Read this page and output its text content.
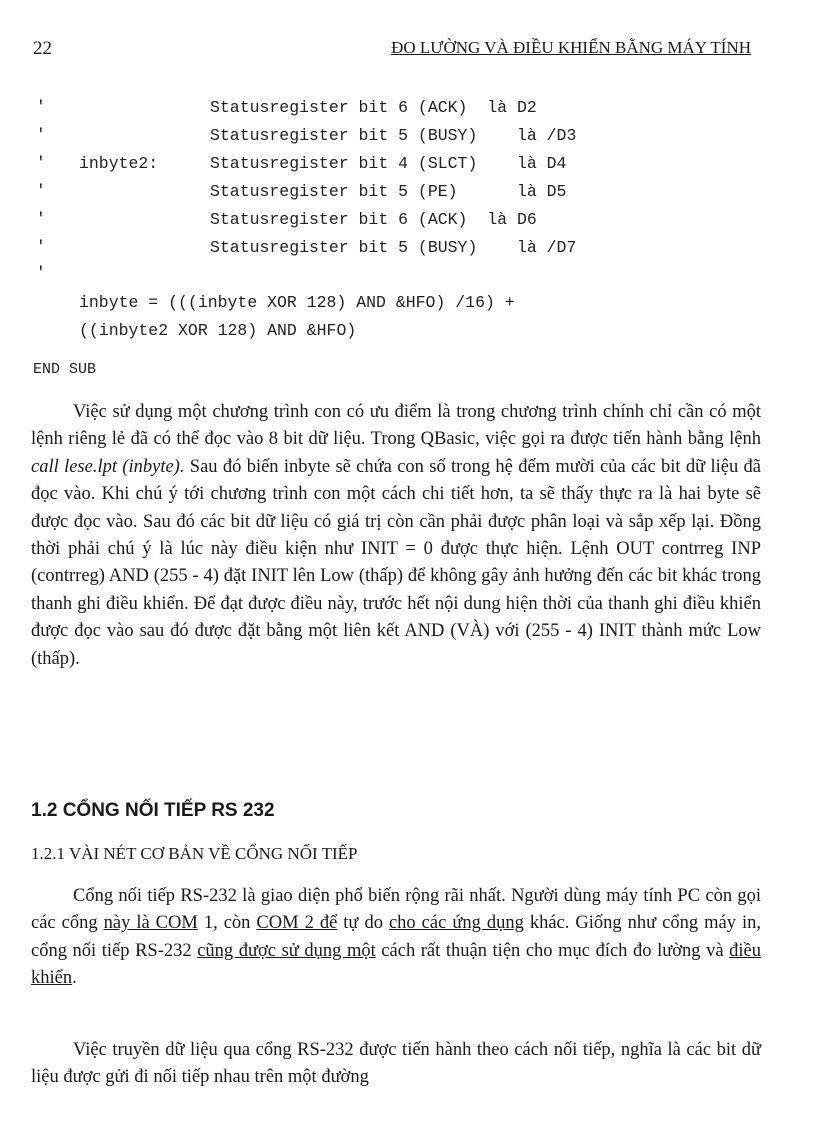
22	ĐO LƯỜNG VÀ ĐIỀU KHIỂN BẰNG MÁY TÍNH
'	Statusregister bit 6 (ACK)  là D2
'	Statusregister bit 5 (BUSY)    là /D3
' inbyte2:	Statusregister bit 4 (SLCT)    là D4
'	Statusregister bit 5 (PE)      là D5
'	Statusregister bit 6 (ACK)  là D6
'	Statusregister bit 5 (BUSY)    là /D7
'
inbyte = (((inbyte XOR 128) AND &HFO) /16) +
((inbyte2 XOR 128) AND &HFO)
END SUB

Việc sử dụng một chương trình con có ưu điểm là trong chương trình chính chỉ cần có một lệnh riêng lẻ đã có thể đọc vào 8 bit dữ liệu. Trong QBasic, việc gọi ra được tiến hành bằng lệnh call lese.lpt (inbyte). Sau đó biến inbyte sẽ chứa con số trong hệ đếm mười của các bit dữ liệu đã đọc vào. Khi chú ý tới chương trình con một cách chi tiết hơn, ta sẽ thấy thực ra là hai byte sẽ được đọc vào. Sau đó các bit dữ liệu có giá trị còn cần phải được phân loại và sắp xếp lại. Đồng thời phải chú ý là lúc này điều kiện như INIT = 0 được thực hiện. Lệnh OUT contrreg INP (contrreg) AND (255 - 4) đặt INIT lên Low (thấp) để không gây ảnh hưởng đến các bit khác trong thanh ghi điều khiển. Để đạt được điều này, trước hết nội dung hiện thời của thanh ghi điều khiển được đọc vào sau đó được đặt bằng một liên kết AND (VÀ) với (255 - 4) INIT thành mức Low (thấp).

1.2 CỔNG NỐI TIẾP RS 232
1.2.1 VÀI NÉT CƠ BẢN VỀ CỔNG NỐI TIẾP

Cổng nối tiếp RS-232 là giao diện phổ biến rộng rãi nhất. Người dùng máy tính PC còn gọi các cổng này là COM 1, còn COM 2 để tự do cho các ứng dụng khác. Giống như cổng máy in, cổng nối tiếp RS-232 cũng được sử dụng một cách rất thuận tiện cho mục đích đo lường và điều khiển.

Việc truyền dữ liệu qua cổng RS-232 được tiến hành theo cách nối tiếp, nghĩa là các bit dữ liệu được gửi đi nối tiếp nhau trên một đường
